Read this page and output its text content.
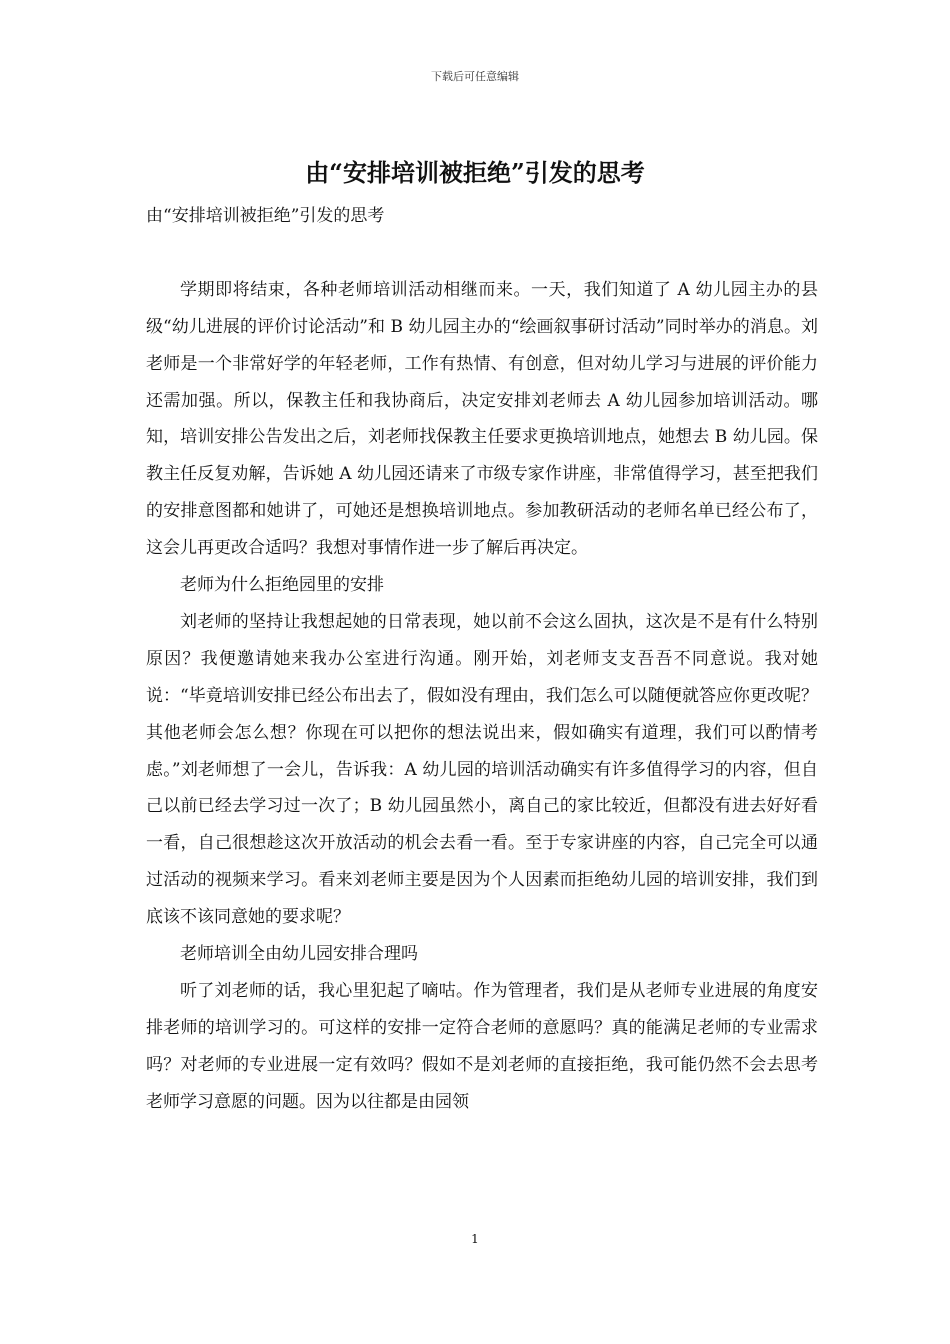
下载后可任意编辑
由“安排培训被拒绝”引发的思考

由“安排培训被拒绝”引发的思考

学期即将结束，各种老师培训活动相继而来。一天，我们知道了 A 幼儿园主办的县级“幼儿进展的评价讨论活动”和 B 幼儿园主办的“绘画叙事研讨活动”同时举办的消息。刘老师是一个非常好学的年轻老师，工作有热情、有创意，但对幼儿学习与进展的评价能力还需加强。所以，保教主任和我协商后，决定安排刘老师去 A 幼儿园参加培训活动。哪知，培训安排公告发出之后，刘老师找保教主任要求更换培训地点，她想去 B 幼儿园。保教主任反复劝解，告诉她 A 幼儿园还请来了市级专家作讲座，非常值得学习，甚至把我们的安排意图都和她讲了，可她还是想换培训地点。参加教研活动的老师名单已经公布了，这会儿再更改合适吗？我想对事情作进一步了解后再决定。

老师为什么拒绝园里的安排

刘老师的坚持让我想起她的日常表现，她以前不会这么固执，这次是不是有什么特别原因？我便邀请她来我办公室进行沟通。刚开始，刘老师支支吾吾不同意说。我对她说：“毕竟培训安排已经公布出去了，假如没有理由，我们怎么可以随便就答应你更改呢？其他老师会怎么想？你现在可以把你的想法说出来，假如确实有道理，我们可以酌情考虑。”刘老师想了一会儿，告诉我：A 幼儿园的培训活动确实有许多值得学习的内容，但自己以前已经去学习过一次了；B 幼儿园虽然小，离自己的家比较近，但都没有进去好好看一看，自己很想趁这次开放活动的机会去看一看。至于专家讲座的内容，自己完全可以通过活动的视频来学习。看来刘老师主要是因为个人因素而拒绝幼儿园的培训安排，我们到底该不该同意她的要求呢？

老师培训全由幼儿园安排合理吗

听了刘老师的话，我心里犯起了嘀咕。作为管理者，我们是从老师专业进展的角度安排老师的培训学习的。可这样的安排一定符合老师的意愿吗？真的能满足老师的专业需求吗？对老师的专业进展一定有效吗？假如不是刘老师的直接拒绝，我可能仍然不会去思考老师学习意愿的问题。因为以往都是由园领

1
